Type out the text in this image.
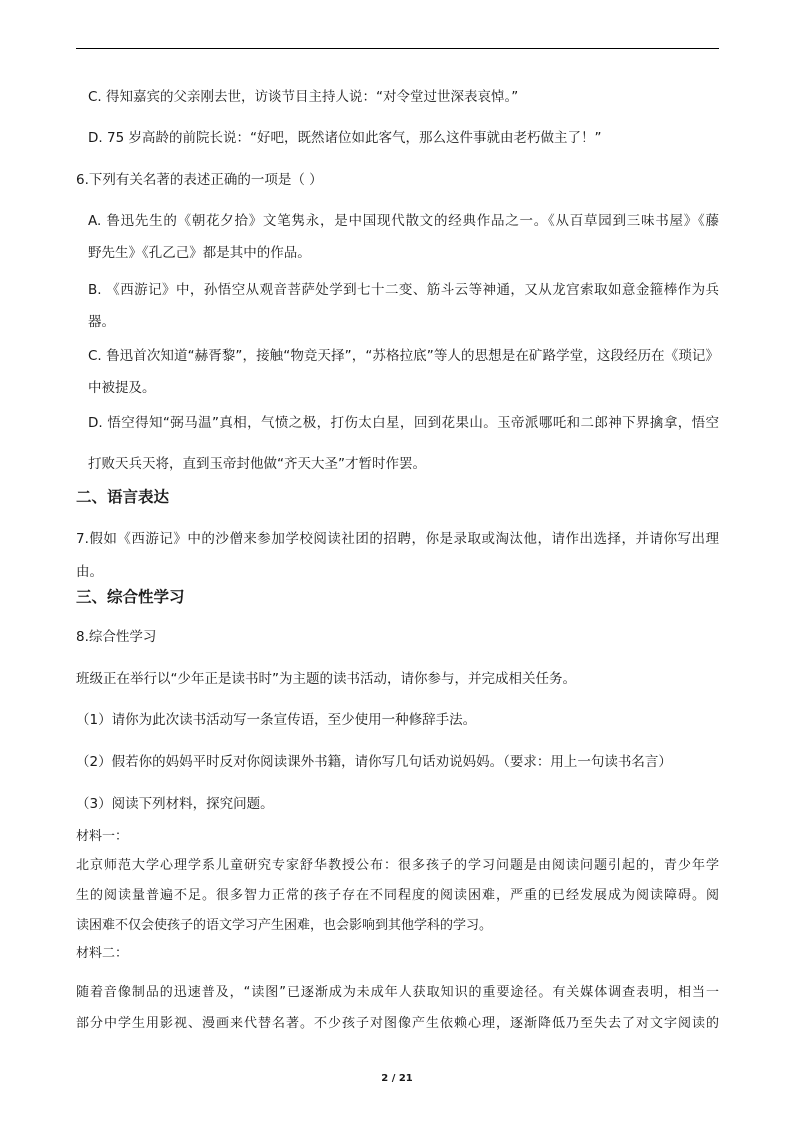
C. 得知嘉宾的父亲刚去世，访谈节目主持人说：“对令堂过世深表哀悼。”
D. 75 岁高龄的前院长说：“好吧，既然诸位如此客气，那么这件事就由老朽做主了！”
6.下列有关名著的表述正确的一项是（ ）
A. 鲁迅先生的《朝花夕拾》文笔隽永，是中国现代散文的经典作品之一。《从百草园到三味书屋》《藤
野先生》《孔乙己》都是其中的作品。
B. 《西游记》中，孙悟空从观音菩萨处学到七十二变、筋斗云等神通，又从龙宫索取如意金箍棒作为兵
器。
C. 鲁迅首次知道“赫胥黎”，接触“物竞天择”，“苏格拉底”等人的思想是在矿路学堂，这段经历在《琐记》
中被提及。
D. 悟空得知“弼马温”真相，气愤之极，打伤太白星，回到花果山。玉帝派哪吒和二郎神下界擒拿，悟空
打败天兵天将，直到玉帝封他做“齐天大圣”才暂时作罢。
二、语言表达
7.假如《西游记》中的沙僧来参加学校阅读社团的招聘，你是录取或淘汰他，请作出选择，并请你写出理
由。
三、综合性学习
8.综合性学习
班级正在举行以“少年正是读书时”为主题的读书活动，请你参与，并完成相关任务。
（1）请你为此次读书活动写一条宣传语，至少使用一种修辞手法。
（2）假若你的妈妈平时反对你阅读课外书籍，请你写几句话劝说妈妈。（要求：用上一句读书名言）
（3）阅读下列材料，探究问题。
材料一：
北京师范大学心理学系儿童研究专家舒华教授公布：很多孩子的学习问题是由阅读问题引起的，青少年学
生的阅读量普遍不足。很多智力正常的孩子存在不同程度的阅读困难，严重的已经发展成为阅读障碍。阅
读困难不仅会使孩子的语文学习产生困难，也会影响到其他学科的学习。
材料二：
随着音像制品的迅速普及，“读图”已逐渐成为未成年人获取知识的重要途径。有关媒体调查表明，相当一
部分中学生用影视、漫画来代替名著。不少孩子对图像产生依赖心理，逐渐降低乃至失去了对文字阅读的
2 / 21
